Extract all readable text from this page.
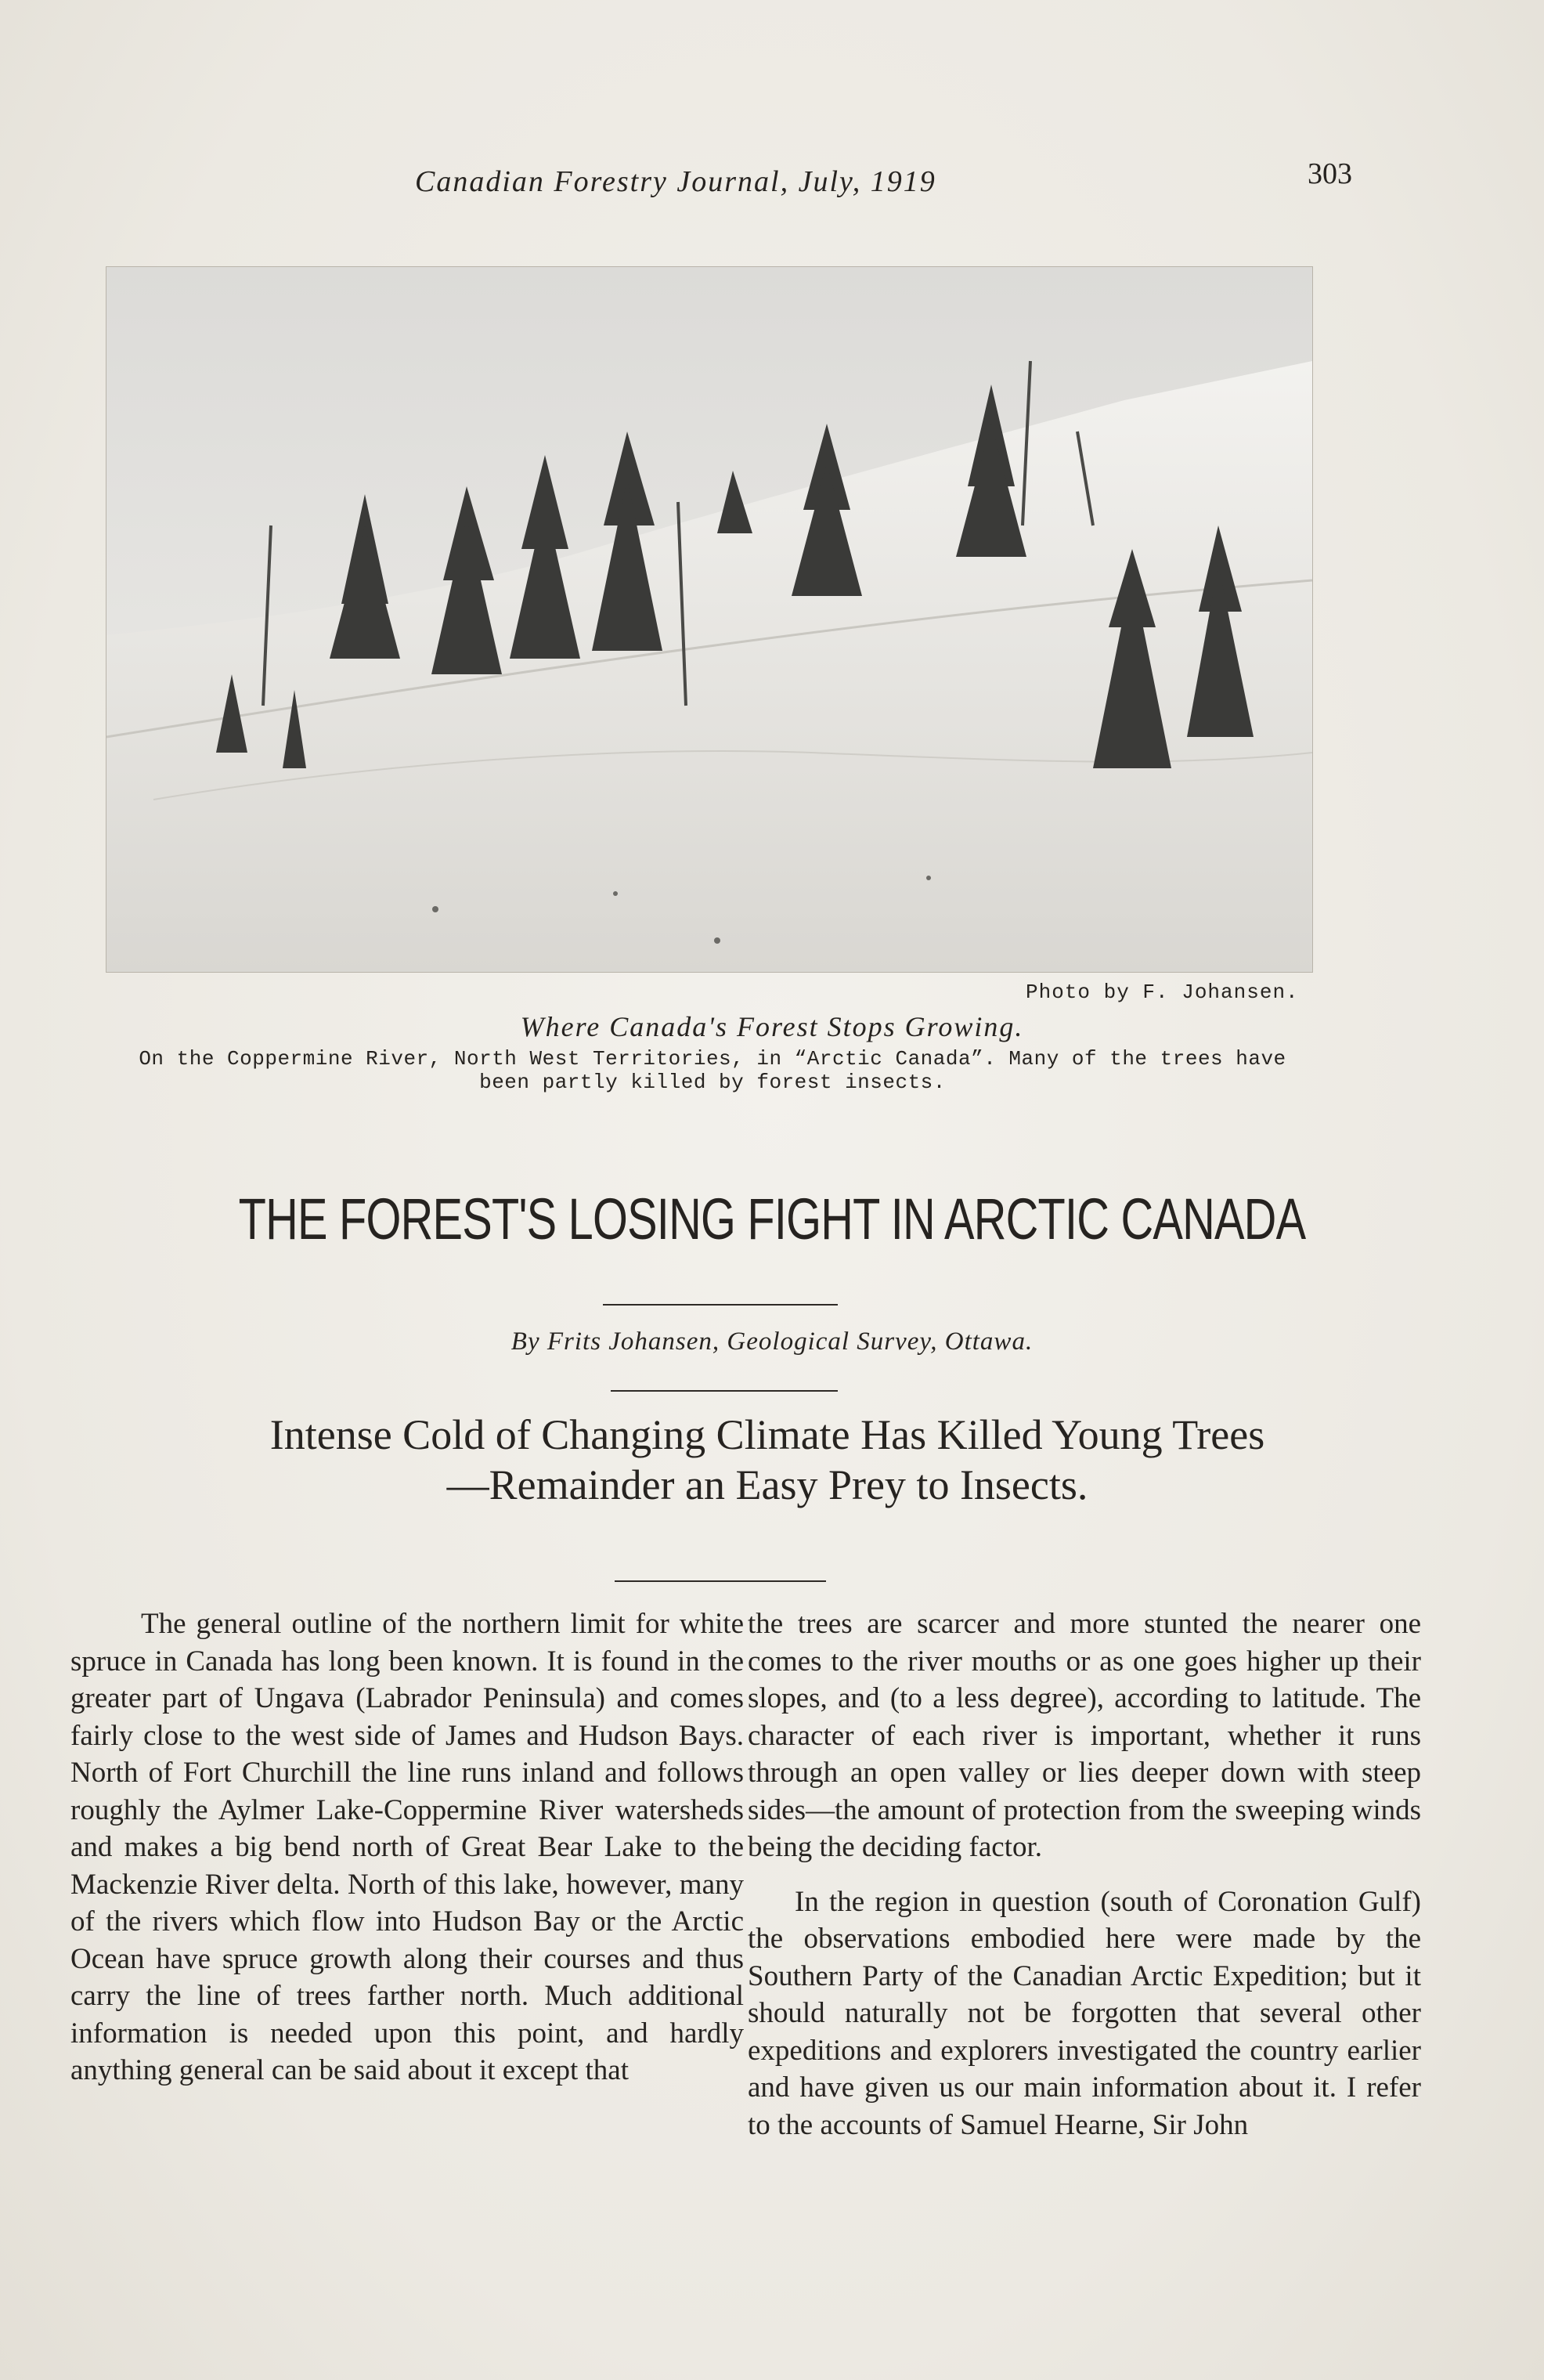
Canadian Forestry Journal, July, 1919	303
Photo by F. Johansen.
Where Canada's Forest Stops Growing.
On the Coppermine River, North West Territories, in “Arctic Canada”. Many of the trees have been partly killed by forest insects.
THE FOREST'S LOSING FIGHT IN ARCTIC CANADA
By Frits Johansen, Geological Survey, Ottawa.
Intense Cold of Changing Climate Has Killed Young Trees—Remainder an Easy Prey to Insects.

The general outline of the northern limit for white spruce in Canada has long been known. It is found in the greater part of Ungava (Labrador Peninsula) and comes fairly close to the west side of James and Hudson Bays. North of Fort Churchill the line runs inland and follows roughly the Aylmer Lake-Coppermine River watersheds and makes a big bend north of Great Bear Lake to the Mackenzie River delta. North of this lake, however, many of the rivers which flow into Hudson Bay or the Arctic Ocean have spruce growth along their courses and thus carry the line of trees farther north. Much additional information is needed upon this point, and hardly anything general can be said about it except that

the trees are scarcer and more stunted the nearer one comes to the river mouths or as one goes higher up their slopes, and (to a less degree), according to latitude. The character of each river is important, whether it runs through an open valley or lies deeper down with steep sides—the amount of protection from the sweeping winds being the deciding factor.

In the region in question (south of Coronation Gulf) the observations embodied here were made by the Southern Party of the Canadian Arctic Expedition; but it should naturally not be forgotten that several other expeditions and explorers investigated the country earlier and have given us our main information about it. I refer to the accounts of Samuel Hearne, Sir John
